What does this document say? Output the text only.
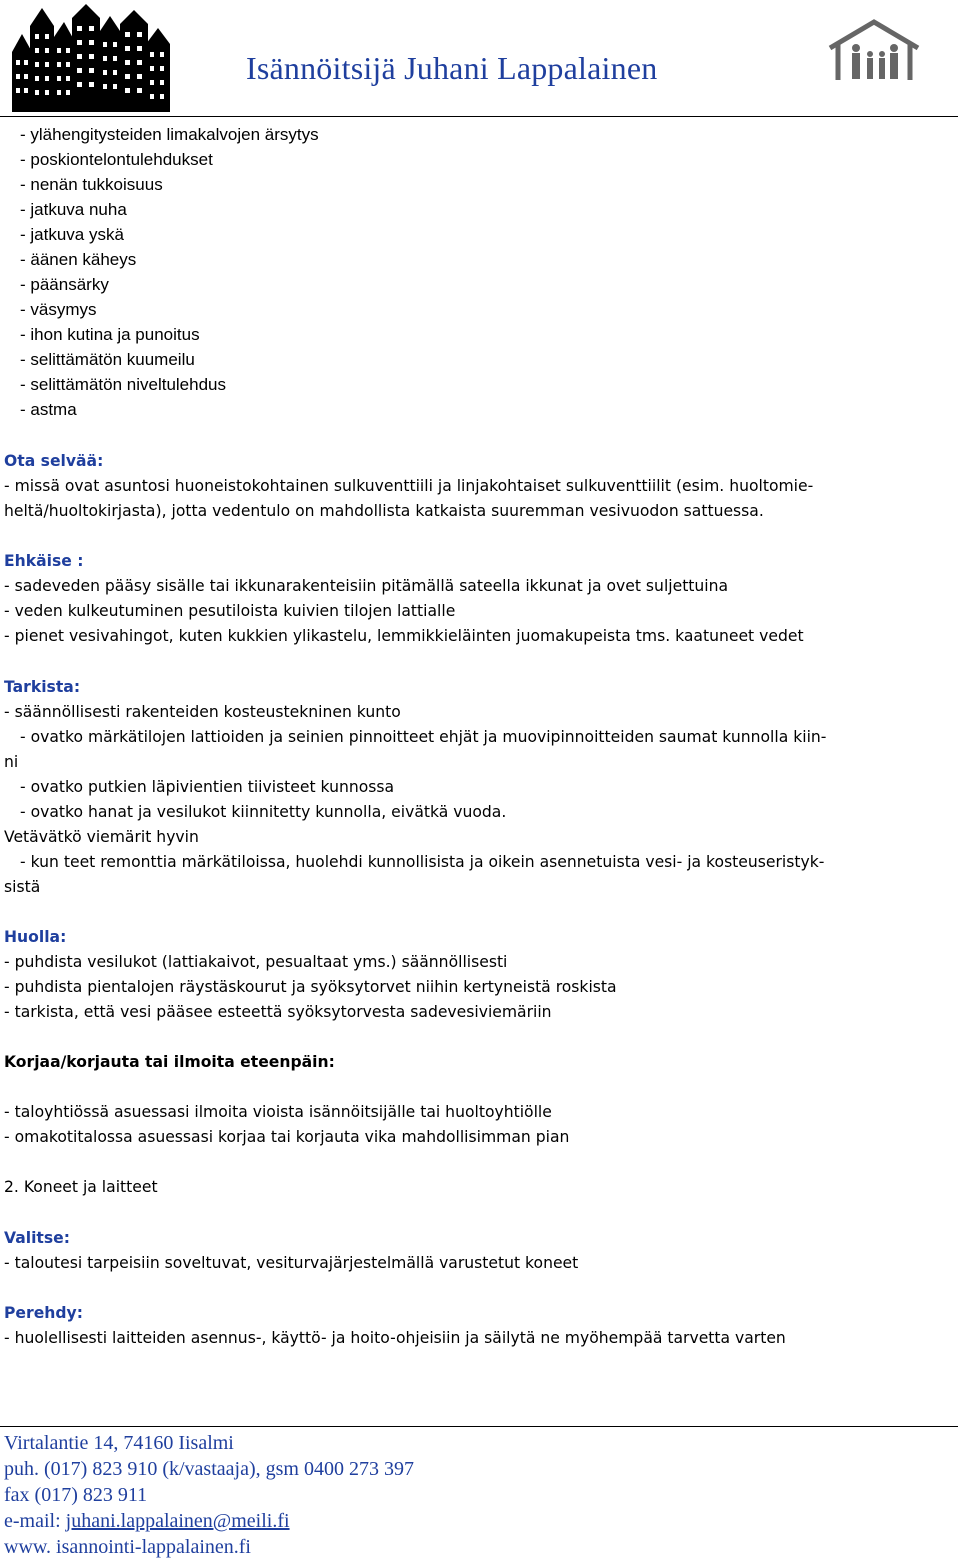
Isännöitsijä Juhani Lappalainen
- ylähengitysteiden limakalvojen ärsytys
- poskiontelontulehdukset
- nenän tukkoisuus
- jatkuva nuha
- jatkuva yskä
- äänen käheys
- päänsärky
- väsymys
- ihon kutina ja punoitus
- selittämätön kuumeilu
- selittämätön niveltulehdus
- astma
Ota selvää:
- missä ovat asuntosi huoneistokohtainen sulkuventtiili ja linjakohtaiset sulkuventtiilit (esim. huoltomie-
heltä/huoltokirjasta), jotta vedentulo on mahdollista katkaista suuremman vesivuodon sattuessa.
Ehkäise :
- sadeveden pääsy sisälle tai ikkunarakenteisiin pitämällä sateella ikkunat ja ovet suljettuina
- veden kulkeutuminen pesutiloista kuivien tilojen lattialle
- pienet vesivahingot, kuten kukkien ylikastelu, lemmikkieläinten juomakupeista tms. kaatuneet vedet
Tarkista:
- säännöllisesti rakenteiden kosteustekninen kunto
- ovatko märkätilojen lattioiden ja seinien pinnoitteet ehjät ja muovipinnoitteiden saumat kunnolla kiin-
ni
- ovatko putkien läpivientien tiivisteet kunnossa
- ovatko hanat ja vesilukot kiinnitetty kunnolla, eivätkä vuoda.
Vetävätkö viemärit hyvin
- kun teet remonttia märkätiloissa, huolehdi kunnollisista ja oikein asennetuista vesi- ja kosteuseristyk-
sistä
Huolla:
- puhdista vesilukot (lattiakaivot, pesualtaat yms.) säännöllisesti
- puhdista pientalojen räystäskourut ja syöksytorvet niihin kertyneistä roskista
- tarkista, että vesi pääsee esteettä syöksytorvesta sadevesiviemäriin
Korjaa/korjauta tai ilmoita eteenpäin:
- taloyhtiössä asuessasi ilmoita vioista isännöitsijälle tai huoltoyhtiölle
- omakotitalossa asuessasi korjaa tai korjauta vika mahdollisimman pian
2. Koneet ja laitteet
Valitse:
- taloutesi tarpeisiin soveltuvat, vesiturvajärjestelmällä varustetut koneet
Perehdy:
- huolellisesti laitteiden asennus-, käyttö- ja hoito-ohjeisiin ja säilytä ne myöhempää tarvetta varten
Virtalantie 14, 74160 Iisalmi
puh. (017) 823 910 (k/vastaaja), gsm 0400 273 397
fax (017) 823 911
e-mail: juhani.lappalainen@meili.fi
www. isannointi-lappalainen.fi
